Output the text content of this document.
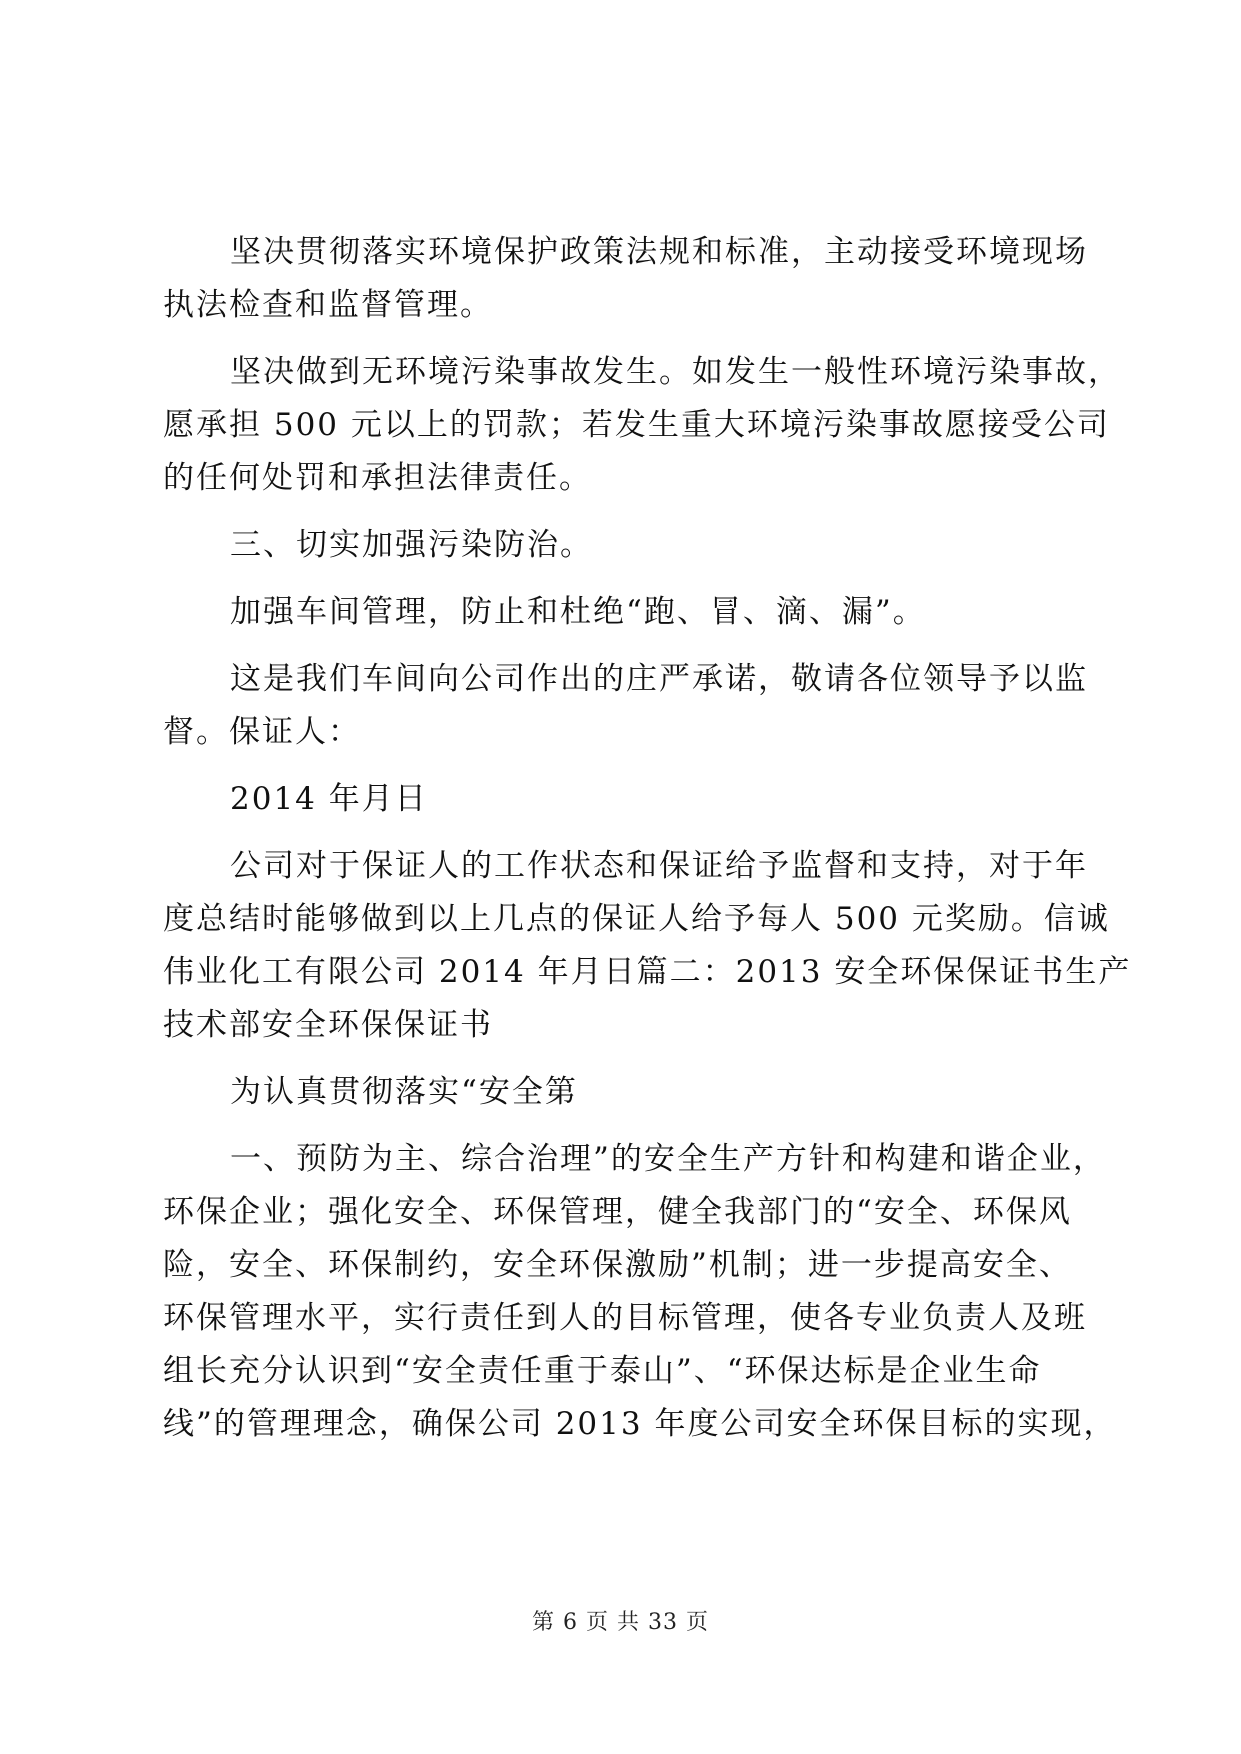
坚决贯彻落实环境保护政策法规和标准，主动接受环境现场
执法检查和监督管理。
坚决做到无环境污染事故发生。如发生一般性环境污染事故，
愿承担 500 元以上的罚款；若发生重大环境污染事故愿接受公司
的任何处罚和承担法律责任。
三、切实加强污染防治。
加强车间管理，防止和杜绝“跑、冒、滴、漏”。
这是我们车间向公司作出的庄严承诺，敬请各位领导予以监
督。保证人：
2014 年月日
公司对于保证人的工作状态和保证给予监督和支持，对于年
度总结时能够做到以上几点的保证人给予每人 500 元奖励。信诚
伟业化工有限公司 2014 年月日篇二：2013 安全环保保证书生产
技术部安全环保保证书
为认真贯彻落实“安全第
一、预防为主、综合治理”的安全生产方针和构建和谐企业，
环保企业；强化安全、环保管理，健全我部门的“安全、环保风
险，安全、环保制约，安全环保激励”机制；进一步提高安全、
环保管理水平，实行责任到人的目标管理，使各专业负责人及班
组长充分认识到“安全责任重于泰山”、“环保达标是企业生命
线”的管理理念，确保公司 2013 年度公司安全环保目标的实现，
第 6 页 共 33 页
